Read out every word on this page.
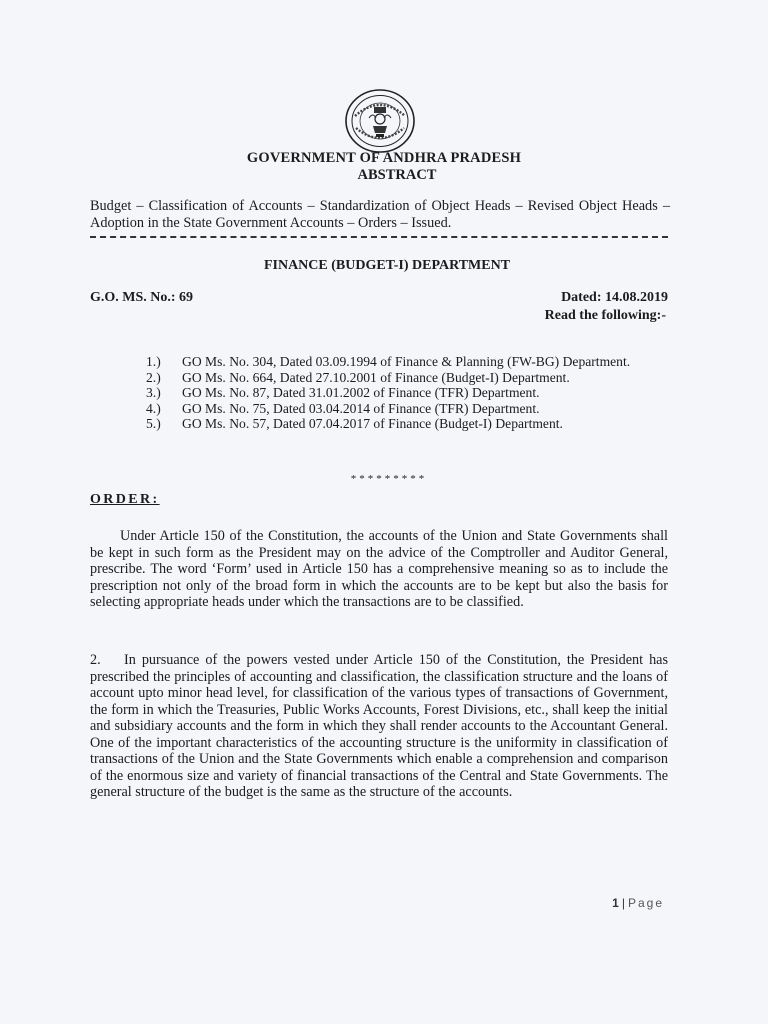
GOVERNMENT OF ANDHRA PRADESH
ABSTRACT
Budget – Classification of Accounts – Standardization of Object Heads – Revised Object Heads – Adoption in the State Government Accounts – Orders – Issued.
FINANCE (BUDGET-I) DEPARTMENT
G.O. MS. No.: 69	Dated: 14.08.2019
Read the following:-
1.) GO Ms. No. 304, Dated 03.09.1994 of Finance & Planning (FW-BG) Department.
2.) GO Ms. No. 664, Dated 27.10.2001 of Finance (Budget-I) Department.
3.) GO Ms. No. 87, Dated 31.01.2002 of Finance (TFR) Department.
4.) GO Ms. No. 75, Dated 03.04.2014 of Finance (TFR) Department.
5.) GO Ms. No. 57, Dated 07.04.2017 of Finance (Budget-I) Department.
*********
ORDER:
Under Article 150 of the Constitution, the accounts of the Union and State Governments shall be kept in such form as the President may on the advice of the Comptroller and Auditor General, prescribe. The word ‘Form’ used in Article 150 has a comprehensive meaning so as to include the prescription not only of the broad form in which the accounts are to be kept but also the basis for selecting appropriate heads under which the transactions are to be classified.
2. In pursuance of the powers vested under Article 150 of the Constitution, the President has prescribed the principles of accounting and classification, the classification structure and the loans of account upto minor head level, for classification of the various types of transactions of Government, the form in which the Treasuries, Public Works Accounts, Forest Divisions, etc., shall keep the initial and subsidiary accounts and the form in which they shall render accounts to the Accountant General. One of the important characteristics of the accounting structure is the uniformity in classification of transactions of the Union and the State Governments which enable a comprehension and comparison of the enormous size and variety of financial transactions of the Central and State Governments. The general structure of the budget is the same as the structure of the accounts.
1 | Page
